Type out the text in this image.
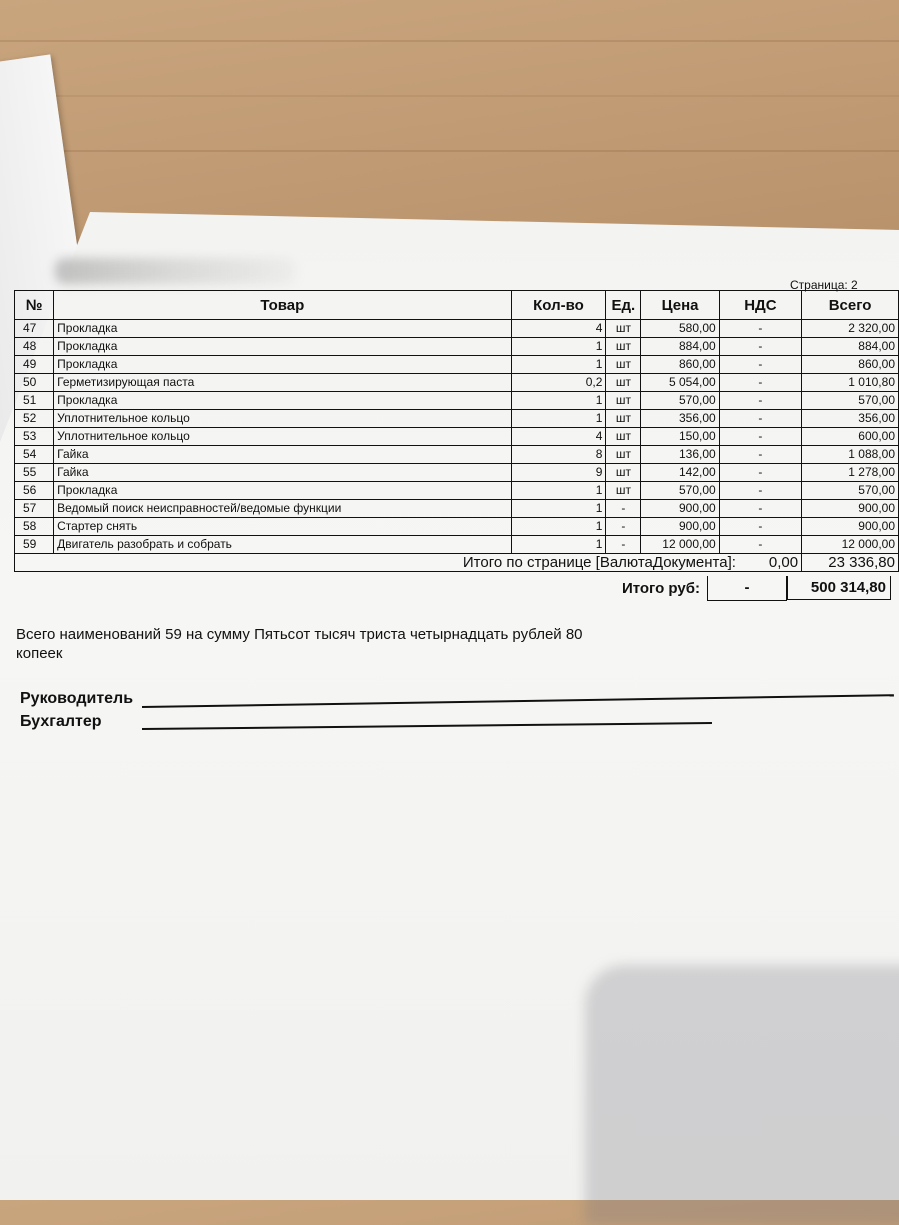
Страница: 2
№	Товар	Кол-во	Ед.	Цена	НДС	Всего
47	Прокладка	4	шт	580,00	-	2 320,00
48	Прокладка	1	шт	884,00	-	884,00
49	Прокладка	1	шт	860,00	-	860,00
50	Герметизирующая паста	0,2	шт	5 054,00	-	1 010,80
51	Прокладка	1	шт	570,00	-	570,00
52	Уплотнительное кольцо	1	шт	356,00	-	356,00
53	Уплотнительное кольцо	4	шт	150,00	-	600,00
54	Гайка	8	шт	136,00	-	1 088,00
55	Гайка	9	шт	142,00	-	1 278,00
56	Прокладка	1	шт	570,00	-	570,00
57	Ведомый поиск неисправностей/ведомые функции	1	-	900,00	-	900,00
58	Стартер снять	1	-	900,00	-	900,00
59	Двигатель разобрать и собрать	1	-	12 000,00	-	12 000,00
Итого по странице [ВалютаДокумента]: 0,00						23 336,80
Итого руб:	-	500 314,80
Всего наименований 59 на сумму Пятьсот тысяч триста четырнадцать рублей 80 копеек
Руководитель
Бухгалтер
